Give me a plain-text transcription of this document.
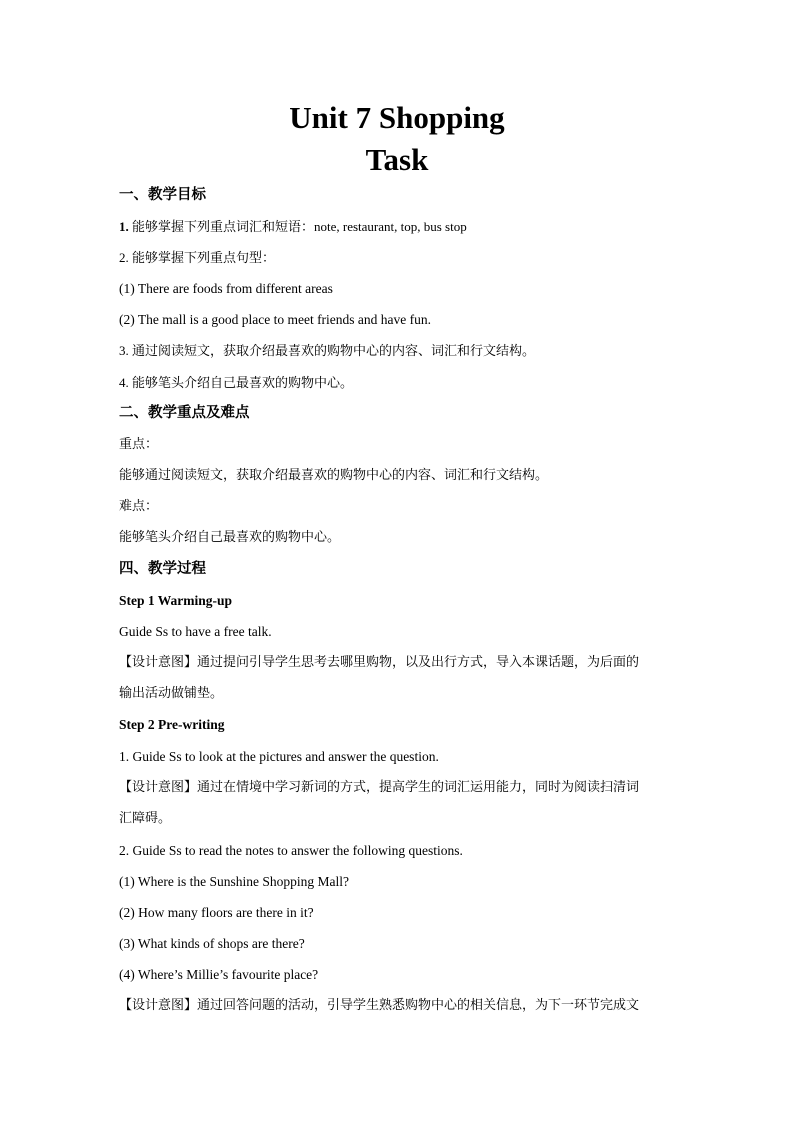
Unit 7 Shopping
Task
一、教学目标
1. 能够掌握下列重点词汇和短语：note, restaurant, top, bus stop
2. 能够掌握下列重点句型：
(1) There are foods from different areas
(2) The mall is a good place to meet friends and have fun.
3. 通过阅读短文，获取介绍最喜欢的购物中心的内容、词汇和行文结构。
4. 能够笔头介绍自己最喜欢的购物中心。
二、教学重点及难点
重点：
能够通过阅读短文，获取介绍最喜欢的购物中心的内容、词汇和行文结构。
难点：
能够笔头介绍自己最喜欢的购物中心。
四、教学过程
Step 1 Warming-up
Guide Ss to have a free talk.
【设计意图】通过提问引导学生思考去哪里购物，以及出行方式，导入本课话题，为后面的
输出活动做铺垫。
Step 2 Pre-writing
1. Guide Ss to look at the pictures and answer the question.
【设计意图】通过在情境中学习新词的方式，提高学生的词汇运用能力，同时为阅读扫清词
汇障碍。
2. Guide Ss to read the notes to answer the following questions.
(1) Where is the Sunshine Shopping Mall?
(2) How many floors are there in it?
(3) What kinds of shops are there?
(4) Where’s Millie’s favourite place?
【设计意图】通过回答问题的活动，引导学生熟悉购物中心的相关信息，为下一环节完成文
